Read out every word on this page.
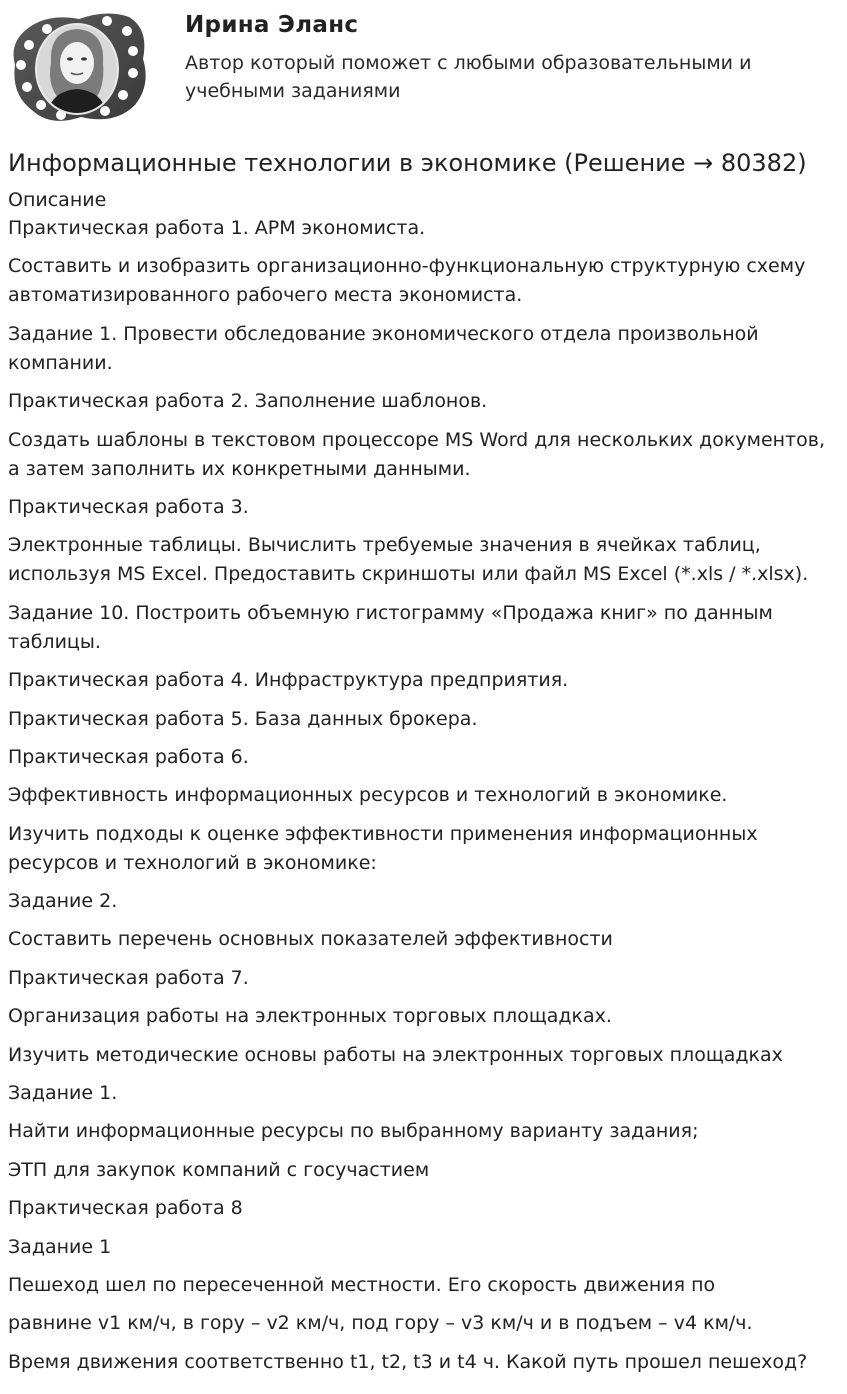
Ирина Эланс

Автор который поможет с любыми образовательными и учебными заданиями

Информационные технологии в экономике (Решение → 80382)
Описание

Практическая работа 1. АРМ экономиста.

Составить и изобразить организационно-функциональную структурную схему автоматизированного рабочего места экономиста.

Задание 1. Провести обследование экономического отдела произвольной компании.

Практическая работа 2. Заполнение шаблонов.

Создать шаблоны в текстовом процессоре MS Word для нескольких документов, а затем заполнить их конкретными данными.

Практическая работа 3.

Электронные таблицы. Вычислить требуемые значения в ячейках таблиц, используя MS Excel. Предоставить скриншоты или файл MS Excel (*.xls / *.xlsx).

Задание 10. Построить объемную гистограмму «Продажа книг» по данным таблицы.

Практическая работа 4. Инфраструктура предприятия.

Практическая работа 5. База данных брокера.

Практическая работа 6.

Эффективность информационных ресурсов и технологий в экономике.

Изучить подходы к оценке эффективности применения информационных ресурсов и технологий в экономике:

Задание 2.

Составить перечень основных показателей эффективности

Практическая работа 7.

Организация работы на электронных торговых площадках.

Изучить методические основы работы на электронных торговых площадках

Задание 1.

Найти информационные ресурсы по выбранному варианту задания;

ЭТП для закупок компаний с госучастием

Практическая работа 8

Задание 1

Пешеход шел по пересеченной местности. Его скорость движения по

равнине v1 км/ч, в гору – v2 км/ч, под гору – v3 км/ч и в подъем – v4 км/ч.

Время движения соответственно t1, t2, t3 и t4 ч. Какой путь прошел пешеход?
